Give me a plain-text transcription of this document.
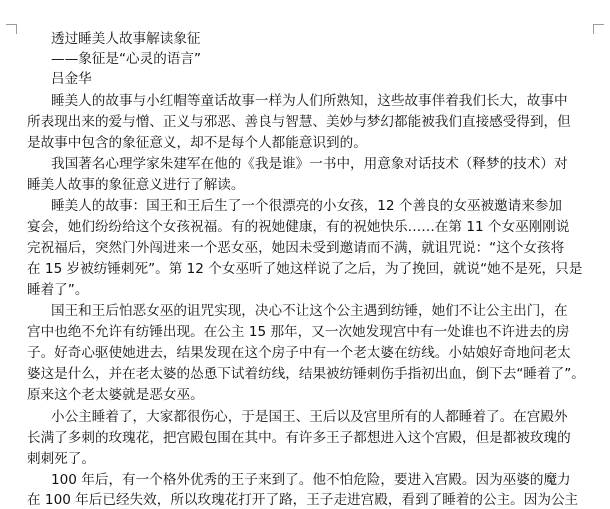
透过睡美人故事解读象征
——象征是“心灵的语言”
吕金华
睡美人的故事与小红帽等童话故事一样为人们所熟知，这些故事伴着我们长大，故事中
所表现出来的爱与憎、正义与邪恶、善良与智慧、美妙与梦幻都能被我们直接感受得到，但
是故事中包含的象征意义，却不是每个人都能意识到的。
我国著名心理学家朱建军在他的《我是谁》一书中，用意象对话技术（释梦的技术）对
睡美人故事的象征意义进行了解读。
睡美人的故事：国王和王后生了一个很漂亮的小女孩，12 个善良的女巫被邀请来参加
宴会，她们纷纷给这个女孩祝福。有的祝她健康，有的祝她快乐……在第 11 个女巫刚刚说
完祝福后，突然门外闯进来一个恶女巫，她因未受到邀请而不满，就诅咒说：“这个女孩将
在 15 岁被纺锤刺死”。第 12 个女巫听了她这样说了之后，为了挽回，就说“她不是死，只是
睡着了”。
国王和王后怕恶女巫的诅咒实现，决心不让这个公主遇到纺锤，她们不让公主出门，在
宫中也绝不允许有纺锤出现。在公主 15 那年，又一次她发现宫中有一处谁也不许进去的房
子。好奇心驱使她进去，结果发现在这个房子中有一个老太婆在纺线。小姑娘好奇地问老太
婆这是什么，并在老太婆的怂恿下试着纺线，结果被纺锤刺伤手指初出血，倒下去“睡着了”。
原来这个老太婆就是恶女巫。
小公主睡着了，大家都很伤心，于是国王、王后以及宫里所有的人都睡着了。在宫殿外
长满了多刺的玫瑰花，把宫殿包围在其中。有许多王子都想进入这个宫殿，但是都被玫瑰的
刺刺死了。
100 年后，有一个格外优秀的王子来到了。他不怕危险，要进入宫殿。因为巫婆的魔力
在 100 年后已经失效，所以玫瑰花打开了路，王子走进宫殿，看到了睡着的公主。因为公主
